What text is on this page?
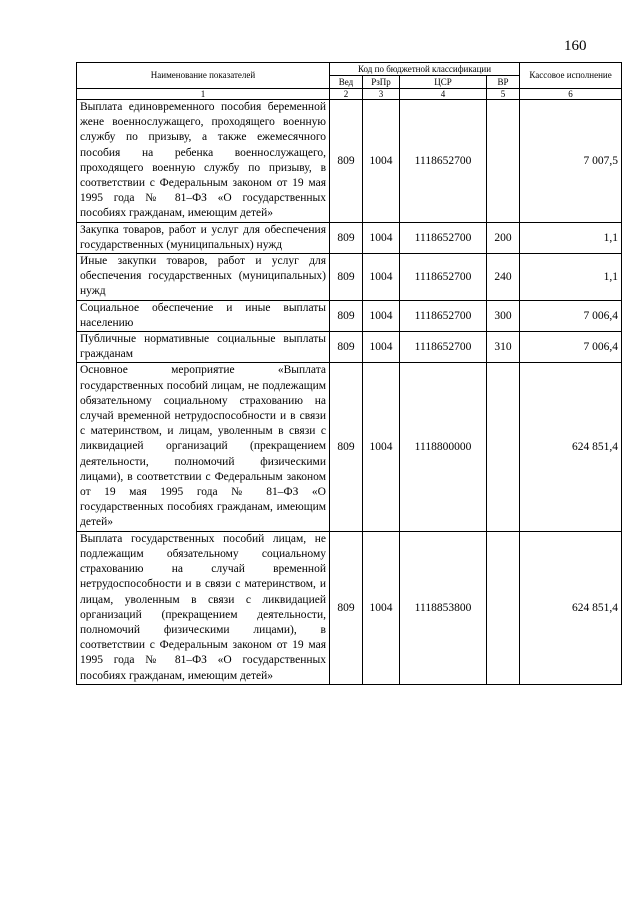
160
Наименование показателей	Код по бюджетной классификации				Кассовое исполнение
	Вед	РзПр	ЦСР	ВР	
1	2	3	4	5	6
Выплата единовременного пособия беременной жене военнослужащего, проходящего военную службу по призыву, а также ежемесячного пособия на ребенка военнослужащего, проходящего военную службу по призыву, в соответствии с Федеральным законом от 19 мая 1995 года № 81–ФЗ «О государственных пособиях гражданам, имеющим детей»	809	1004	1118652700		7 007,5
Закупка товаров, работ и услуг для обеспечения государственных (муниципальных) нужд	809	1004	1118652700	200	1,1
Иные закупки товаров, работ и услуг для обеспечения государственных (муниципальных) нужд	809	1004	1118652700	240	1,1
Социальное обеспечение и иные выплаты населению	809	1004	1118652700	300	7 006,4
Публичные нормативные социальные выплаты гражданам	809	1004	1118652700	310	7 006,4
Основное мероприятие «Выплата государственных пособий лицам, не подлежащим обязательному социальному страхованию на случай временной нетрудоспособности и в связи с материнством, и лицам, уволенным в связи с ликвидацией организаций (прекращением деятельности, полномочий физическими лицами), в соответствии с Федеральным законом от 19 мая 1995 года № 81–ФЗ «О государственных пособиях гражданам, имеющим детей»	809	1004	1118800000		624 851,4
Выплата государственных пособий лицам, не подлежащим обязательному социальному страхованию на случай временной нетрудоспособности и в связи с материнством, и лицам, уволенным в связи с ликвидацией организаций (прекращением деятельности, полномочий физическими лицами), в соответствии с Федеральным законом от 19 мая 1995 года № 81–ФЗ «О государственных пособиях гражданам, имеющим детей»	809	1004	1118853800		624 851,4
